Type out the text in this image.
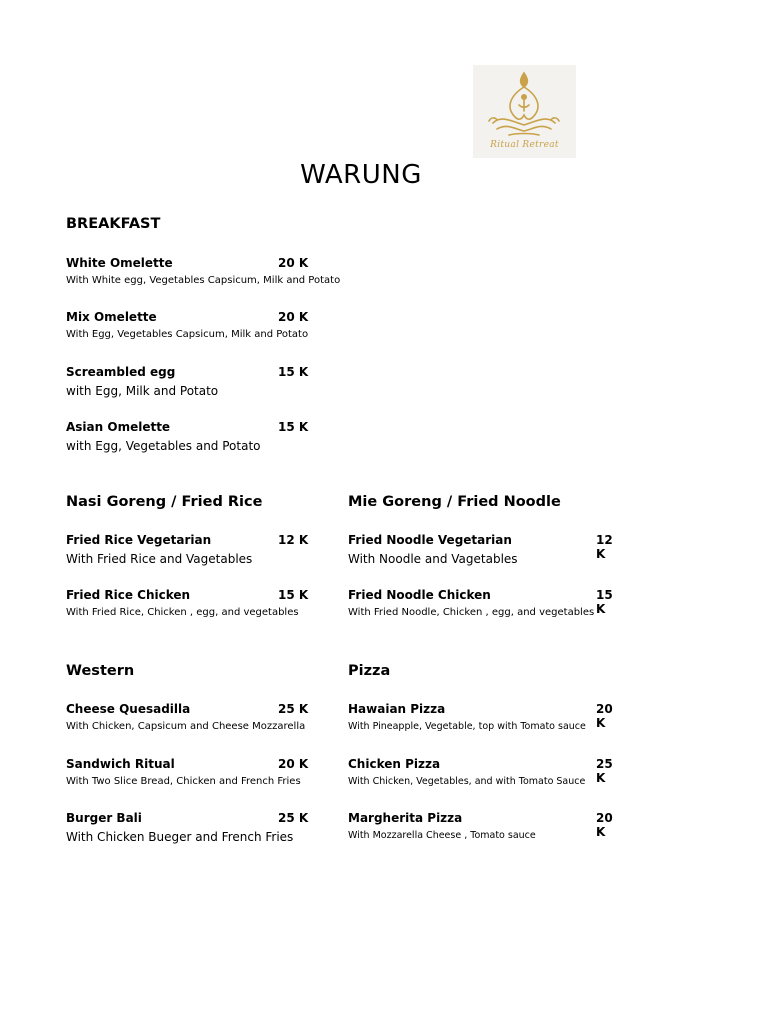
Ritual Retreat
WARUNG
BREAKFAST
White Omelette	20 K
With White egg, Vegetables Capsicum, Milk and Potato
Mix Omelette	20 K
With Egg, Vegetables Capsicum, Milk and Potato
Screambled egg	15 K
with Egg, Milk and Potato
Asian Omelette	15 K
with Egg, Vegetables and Potato
Nasi Goreng / Fried Rice
Fried Rice Vegetarian	12 K
With Fried Rice and Vagetables
Fried Rice Chicken	15 K
With Fried Rice, Chicken , egg, and vegetables
Mie Goreng / Fried Noodle
Fried Noodle Vegetarian	12 K
With Noodle and Vagetables
Fried Noodle Chicken	15 K
With Fried Noodle, Chicken , egg, and vegetables
Western
Cheese Quesadilla	25 K
With Chicken, Capsicum and Cheese Mozzarella
Sandwich Ritual	20 K
With Two Slice Bread, Chicken and French Fries
Burger Bali	25 K
With Chicken Bueger and French Fries
Pizza
Hawaian Pizza	20 K
With Pineapple, Vegetable, top with Tomato sauce
Chicken Pizza	25 K
With Chicken, Vegetables, and with Tomato Sauce
Margherita Pizza	20 K
With Mozzarella Cheese , Tomato sauce
